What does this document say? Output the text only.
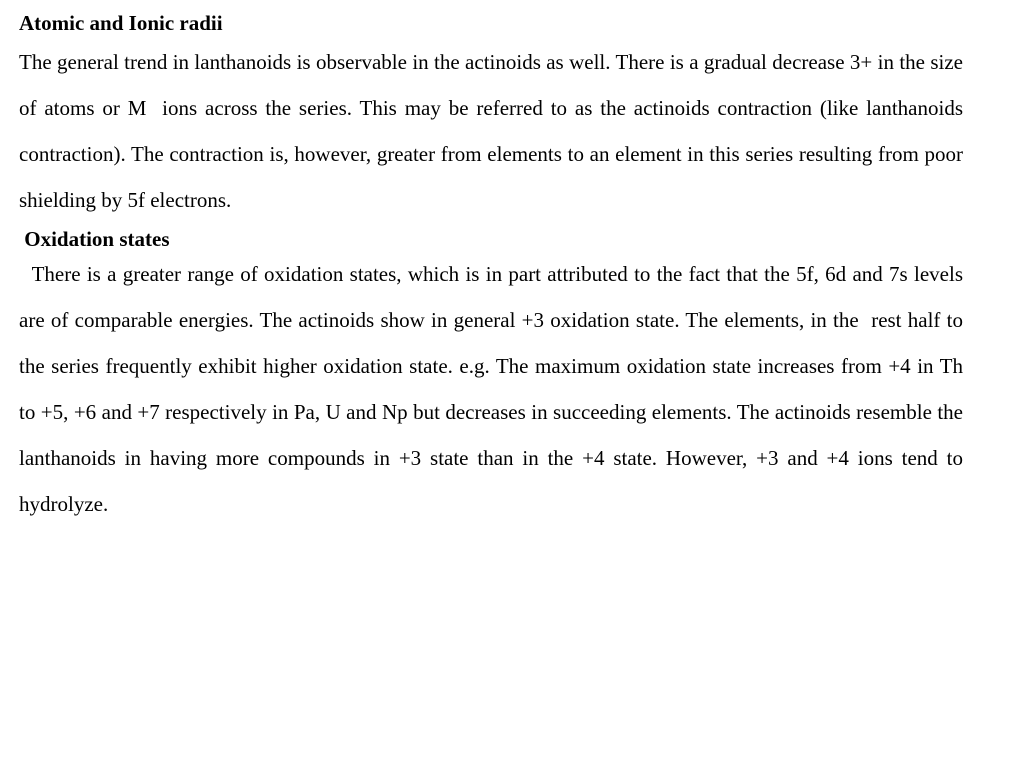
Atomic and Ionic radii

The general trend in lanthanoids is observable in the actinoids as well. There is a gradual decrease 3+ in the size of atoms or M  ions across the series. This may be referred to as the actinoids contraction (like lanthanoids contraction). The contraction is, however, greater from elements to an element in this series resulting from poor shielding by 5f electrons.

Oxidation states

There is a greater range of oxidation states, which is in part attributed to the fact that the 5f, 6d and 7s levels are of comparable energies. The actinoids show in general +3 oxidation state. The elements, in the  rest half to the series frequently exhibit higher oxidation state. e.g. The maximum oxidation state increases from +4 in Th to +5, +6 and +7 respectively in Pa, U and Np but decreases in succeeding elements. The actinoids resemble the lanthanoids in having more compounds in +3 state than in the +4 state. However, +3 and +4 ions tend to hydrolyze.
